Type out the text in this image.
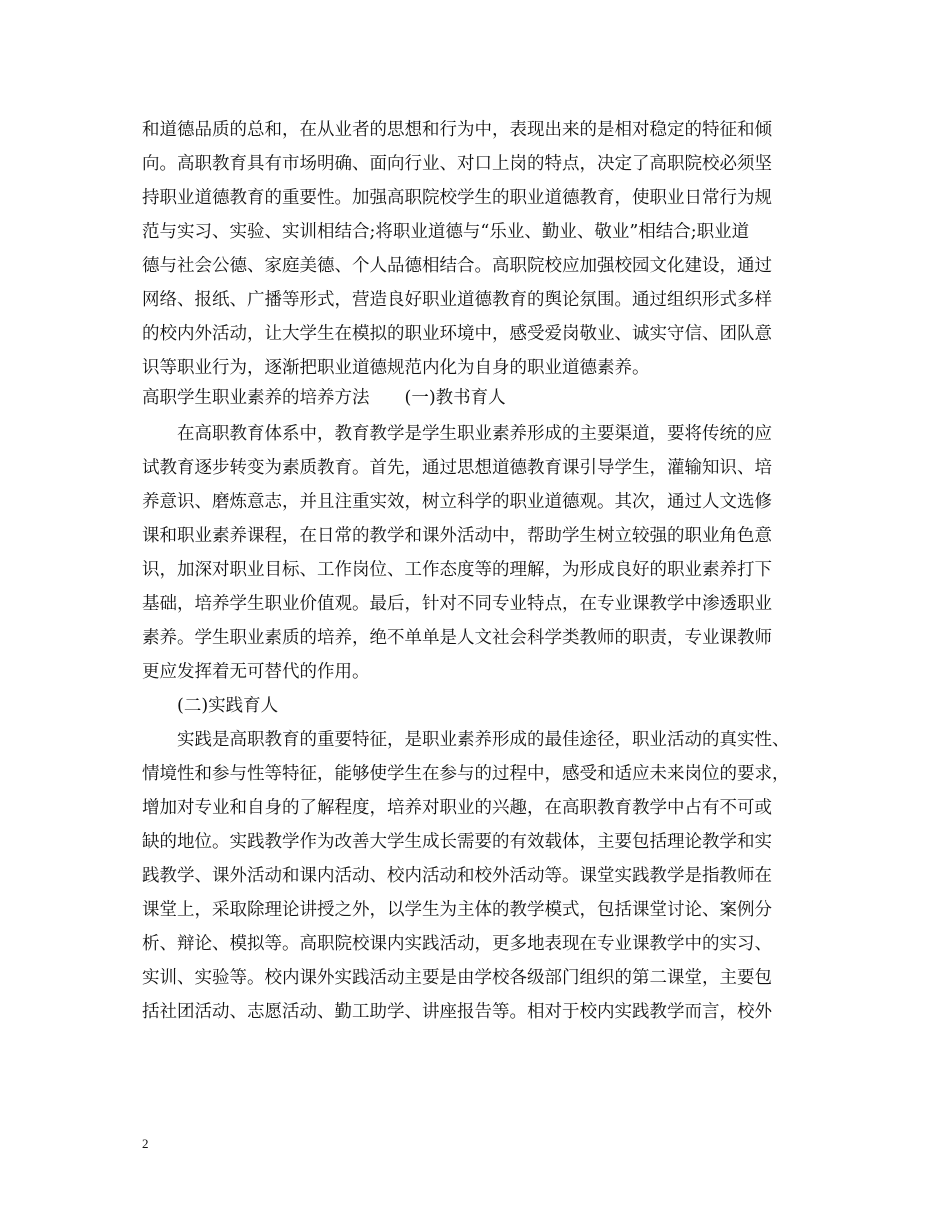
和道德品质的总和，在从业者的思想和行为中，表现出来的是相对稳定的特征和倾
向。高职教育具有市场明确、面向行业、对口上岗的特点，决定了高职院校必须坚
持职业道德教育的重要性。加强高职院校学生的职业道德教育，使职业日常行为规
范与实习、实验、实训相结合;将职业道德与“乐业、勤业、敬业”相结合;职业道
德与社会公德、家庭美德、个人品德相结合。高职院校应加强校园文化建设，通过
网络、报纸、广播等形式，营造良好职业道德教育的舆论氛围。通过组织形式多样
的校内外活动，让大学生在模拟的职业环境中，感受爱岗敬业、诚实守信、团队意
识等职业行为，逐渐把职业道德规范内化为自身的职业道德素养。
高职学生职业素养的培养方法　　(一)教书育人
　　在高职教育体系中，教育教学是学生职业素养形成的主要渠道，要将传统的应
试教育逐步转变为素质教育。首先，通过思想道德教育课引导学生，灌输知识、培
养意识、磨炼意志，并且注重实效，树立科学的职业道德观。其次，通过人文选修
课和职业素养课程，在日常的教学和课外活动中，帮助学生树立较强的职业角色意
识，加深对职业目标、工作岗位、工作态度等的理解，为形成良好的职业素养打下
基础，培养学生职业价值观。最后，针对不同专业特点，在专业课教学中渗透职业
素养。学生职业素质的培养，绝不单单是人文社会科学类教师的职责，专业课教师
更应发挥着无可替代的作用。
　　(二)实践育人
　　实践是高职教育的重要特征，是职业素养形成的最佳途径，职业活动的真实性、
情境性和参与性等特征，能够使学生在参与的过程中，感受和适应未来岗位的要求，
增加对专业和自身的了解程度，培养对职业的兴趣，在高职教育教学中占有不可或
缺的地位。实践教学作为改善大学生成长需要的有效载体，主要包括理论教学和实
践教学、课外活动和课内活动、校内活动和校外活动等。课堂实践教学是指教师在
课堂上，采取除理论讲授之外，以学生为主体的教学模式，包括课堂讨论、案例分
析、辩论、模拟等。高职院校课内实践活动，更多地表现在专业课教学中的实习、
实训、实验等。校内课外实践活动主要是由学校各级部门组织的第二课堂，主要包
括社团活动、志愿活动、勤工助学、讲座报告等。相对于校内实践教学而言，校外
2
